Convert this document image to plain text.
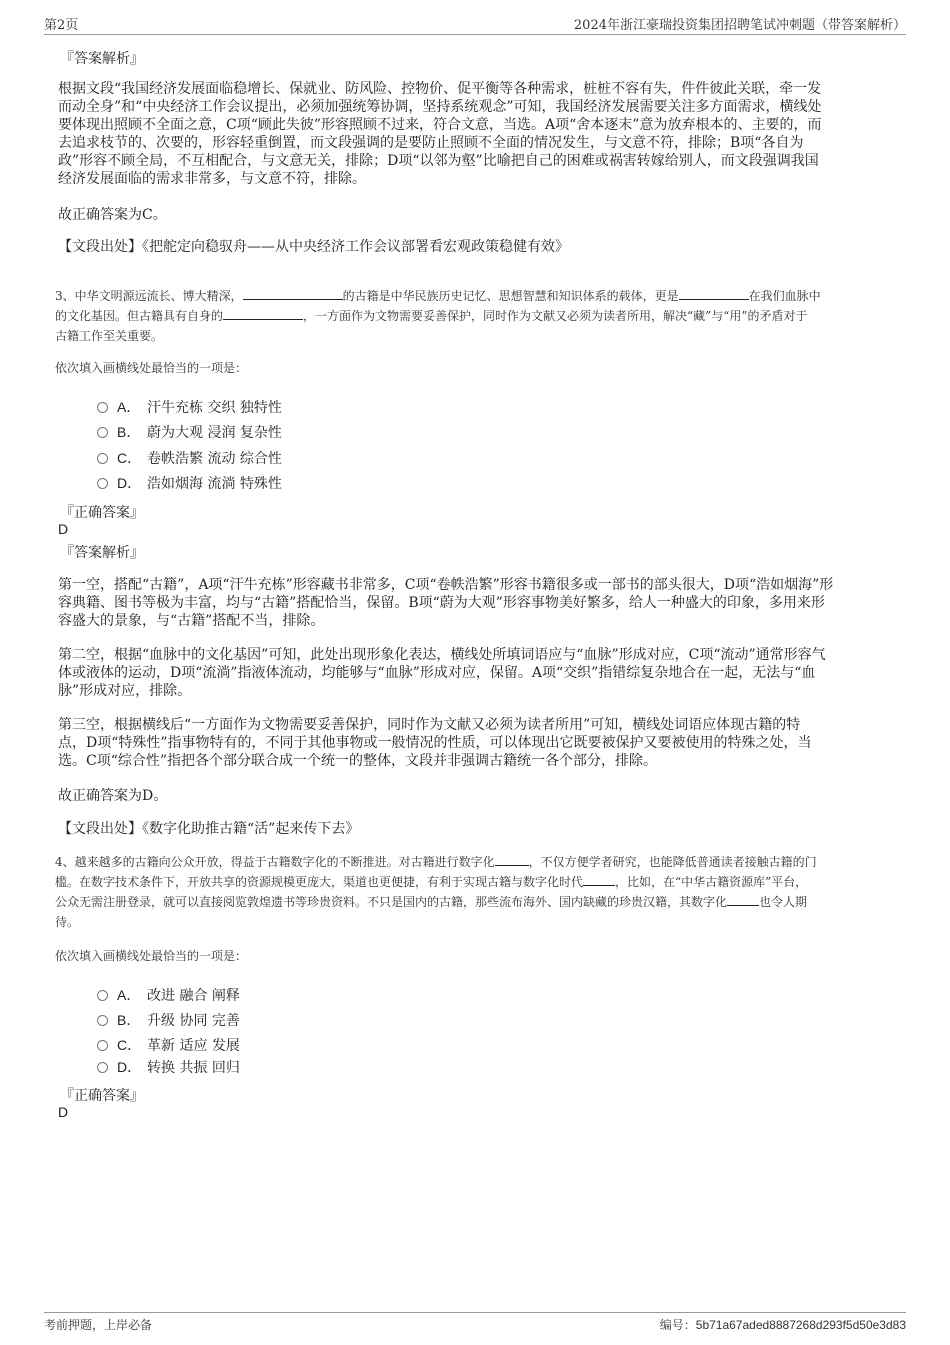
第2页	2024年浙江豪瑞投资集团招聘笔试冲刺题（带答案解析）
『答案解析』
根据文段“我国经济发展面临稳增长、保就业、防风险、控物价、促平衡等各种需求，桩桩不容有失，件件彼此关联，牵一发
而动全身”和“中央经济工作会议提出，必须加强统筹协调，坚持系统观念”可知，我国经济发展需要关注多方面需求，横线处
要体现出照顾不全面之意，C项“顾此失彼”形容照顾不过来，符合文意，当选。A项“舍本逐末”意为放弃根本的、主要的，而
去追求枝节的、次要的，形容轻重倒置，而文段强调的是要防止照顾不全面的情况发生，与文意不符，排除；B项“各自为
政”形容不顾全局，不互相配合，与文意无关，排除；D项“以邻为壑”比喻把自己的困难或祸害转嫁给别人，而文段强调我国
经济发展面临的需求非常多，与文意不符，排除。
故正确答案为C。
【文段出处】《把舵定向稳驭舟——从中央经济工作会议部署看宏观政策稳健有效》
3、中华文明源远流长、博大精深，	的古籍是中华民族历史记忆、思想智慧和知识体系的载体，更是	在我们血脉中
的文化基因。但古籍具有自身的	，一方面作为文物需要妥善保护，同时作为文献又必须为读者所用，解决“藏”与“用”的矛盾对于
古籍工作至关重要。
依次填入画横线处最恰当的一项是：
A． 汗牛充栋 交织 独特性
B． 蔚为大观 浸润 复杂性
C． 卷帙浩繁 流动 综合性
D． 浩如烟海 流淌 特殊性
『正确答案』
D
『答案解析』
第一空，搭配“古籍”，A项“汗牛充栋”形容藏书非常多，C项“卷帙浩繁”形容书籍很多或一部书的部头很大，D项“浩如烟海”形
容典籍、图书等极为丰富，均与“古籍”搭配恰当，保留。B项“蔚为大观”形容事物美好繁多，给人一种盛大的印象，多用来形
容盛大的景象，与“古籍”搭配不当，排除。
第二空，根据“血脉中的文化基因”可知，此处出现形象化表达，横线处所填词语应与“血脉”形成对应，C项“流动”通常形容气
体或液体的运动，D项“流淌”指液体流动，均能够与“血脉”形成对应，保留。A项“交织”指错综复杂地合在一起，无法与“血
脉”形成对应，排除。
第三空，根据横线后“一方面作为文物需要妥善保护，同时作为文献又必须为读者所用”可知，横线处词语应体现古籍的特
点，D项“特殊性”指事物特有的，不同于其他事物或一般情况的性质，可以体现出它既要被保护又要被使用的特殊之处，当
选。C项“综合性”指把各个部分联合成一个统一的整体，文段并非强调古籍统一各个部分，排除。
故正确答案为D。
【文段出处】《数字化助推古籍“活”起来传下去》
4、越来越多的古籍向公众开放，得益于古籍数字化的不断推进。对古籍进行数字化	，不仅方便学者研究，也能降低普通读者接触古籍的门
槛。在数字技术条件下，开放共享的资源规模更庞大，渠道也更便捷，有利于实现古籍与数字化时代	，比如，在“中华古籍资源库”平台，
公众无需注册登录，就可以直接阅览敦煌遗书等珍贵资料。不只是国内的古籍，那些流布海外、国内缺藏的珍贵汉籍，其数字化	也令人期
待。
依次填入画横线处最恰当的一项是：
A． 改进 融合 阐释
B． 升级 协同 完善
C． 革新 适应 发展
D． 转换 共振 回归
『正确答案』
D
考前押题，上岸必备	编号：5b71a67aded8887268d293f5d50e3d83
